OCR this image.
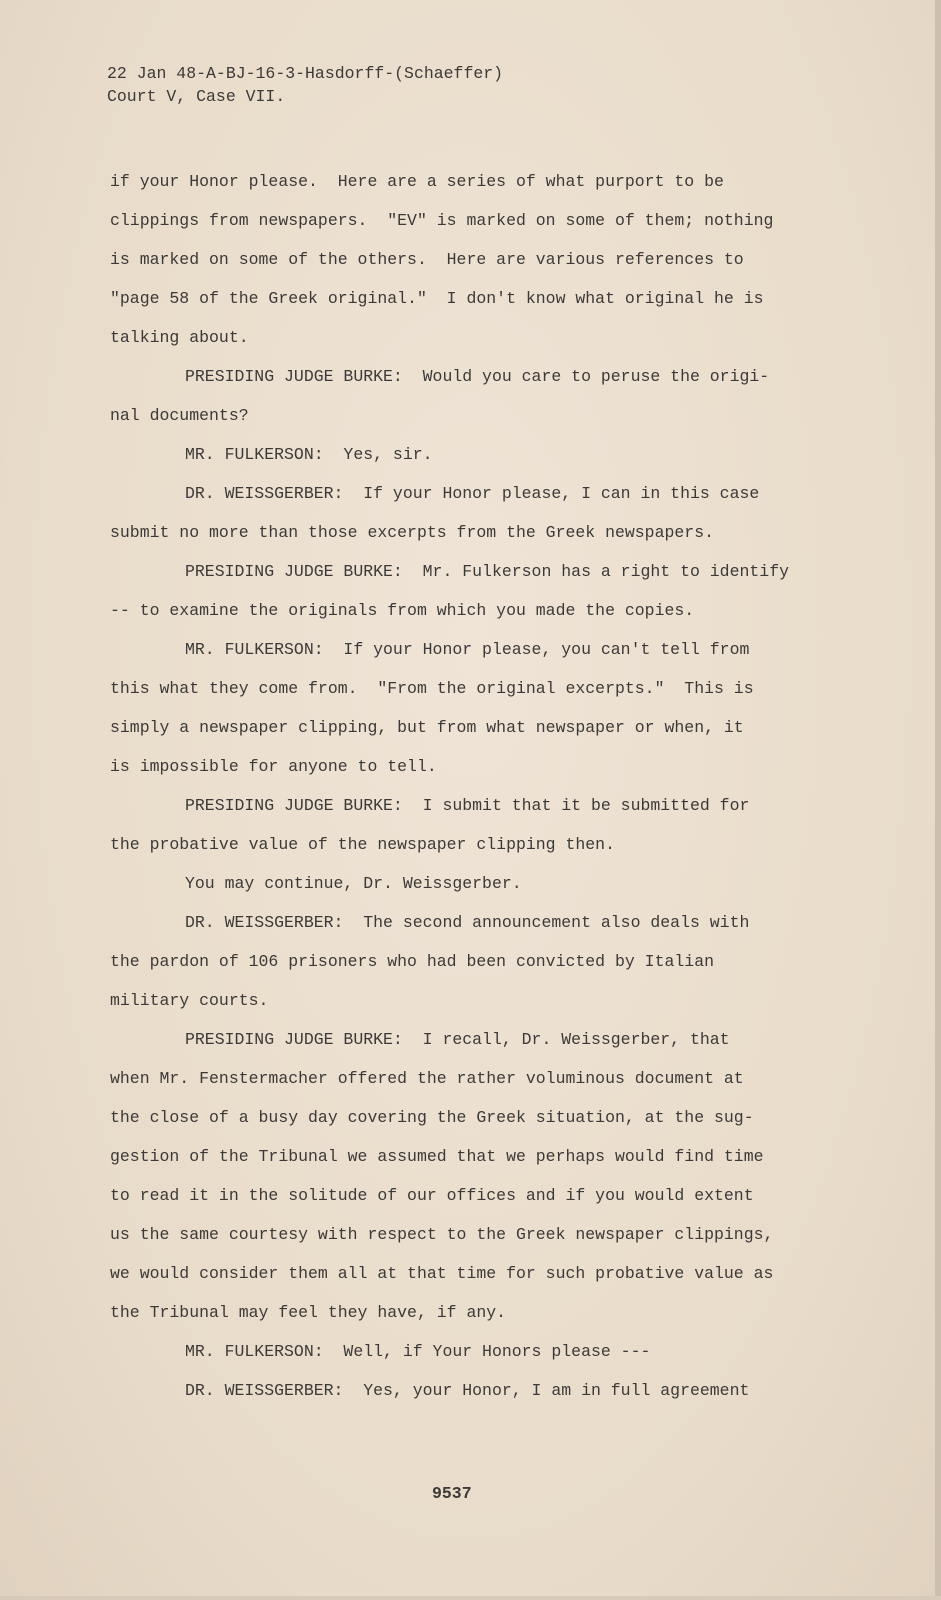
22 Jan 48-A-BJ-16-3-Hasdorff-(Schaeffer)
Court V, Case VII.
if your Honor please.  Here are a series of what purport to be
clippings from newspapers.  "EV" is marked on some of them; nothing
is marked on some of the others.  Here are various references to
"page 58 of the Greek original."  I don't know what original he is
talking about.
PRESIDING JUDGE BURKE:  Would you care to peruse the origi-
nal documents?
MR. FULKERSON:  Yes, sir.
DR. WEISSGERBER:  If your Honor please, I can in this case
submit no more than those excerpts from the Greek newspapers.
PRESIDING JUDGE BURKE:  Mr. Fulkerson has a right to identify
-- to examine the originals from which you made the copies.
MR. FULKERSON:  If your Honor please, you can't tell from
this what they come from.  "From the original excerpts."  This is
simply a newspaper clipping, but from what newspaper or when, it
is impossible for anyone to tell.
PRESIDING JUDGE BURKE:  I submit that it be submitted for
the probative value of the newspaper clipping then.
You may continue, Dr. Weissgerber.
DR. WEISSGERBER:  The second announcement also deals with
the pardon of 106 prisoners who had been convicted by Italian
military courts.
PRESIDING JUDGE BURKE:  I recall, Dr. Weissgerber, that
when Mr. Fenstermacher offered the rather voluminous document at
the close of a busy day covering the Greek situation, at the sug-
gestion of the Tribunal we assumed that we perhaps would find time
to read it in the solitude of our offices and if you would extent
us the same courtesy with respect to the Greek newspaper clippings,
we would consider them all at that time for such probative value as
the Tribunal may feel they have, if any.
MR. FULKERSON:  Well, if Your Honors please ---
DR. WEISSGERBER:  Yes, your Honor, I am in full agreement
9537
